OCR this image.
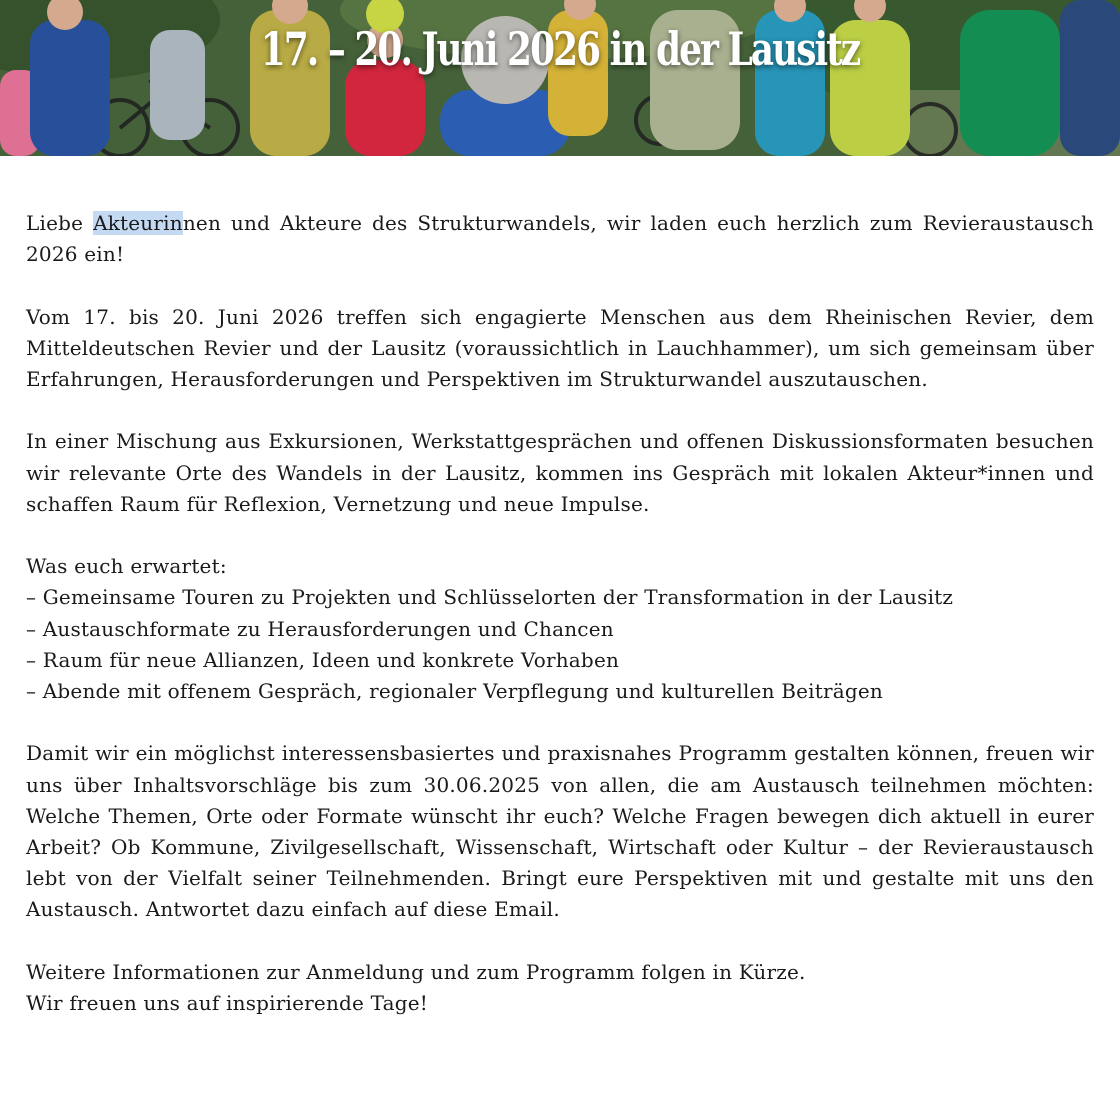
17. – 20. Juni 2026 in der Lausitz

Liebe Akteurinnen und Akteure des Strukturwandels, wir laden euch herzlich zum Revieraustausch 2026 ein!

Vom 17. bis 20. Juni 2026 treffen sich engagierte Menschen aus dem Rheinischen Revier, dem Mitteldeutschen Revier und der Lausitz (voraussichtlich in Lauchhammer), um sich gemeinsam über Erfahrungen, Herausforderungen und Perspektiven im Strukturwandel auszutauschen.

In einer Mischung aus Exkursionen, Werkstattgesprächen und offenen Diskussionsformaten besuchen wir relevante Orte des Wandels in der Lausitz, kommen ins Gespräch mit lokalen Akteur*innen und schaffen Raum für Reflexion, Vernetzung und neue Impulse.

Was euch erwartet:
– Gemeinsame Touren zu Projekten und Schlüsselorten der Transformation in der Lausitz
– Austauschformate zu Herausforderungen und Chancen
– Raum für neue Allianzen, Ideen und konkrete Vorhaben
– Abende mit offenem Gespräch, regionaler Verpflegung und kulturellen Beiträgen

Damit wir ein möglichst interessensbasiertes und praxisnahes Programm gestalten können, freuen wir uns über Inhaltsvorschläge bis zum 30.06.2025 von allen, die am Austausch teilnehmen möchten: Welche Themen, Orte oder Formate wünscht ihr euch? Welche Fragen bewegen dich aktuell in eurer Arbeit? Ob Kommune, Zivilgesellschaft, Wissenschaft, Wirtschaft oder Kultur – der Revieraustausch lebt von der Vielfalt seiner Teilnehmenden. Bringt eure Perspektiven mit und gestalte mit uns den Austausch. Antwortet dazu einfach auf diese Email.

Weitere Informationen zur Anmeldung und zum Programm folgen in Kürze.
Wir freuen uns auf inspirierende Tage!
